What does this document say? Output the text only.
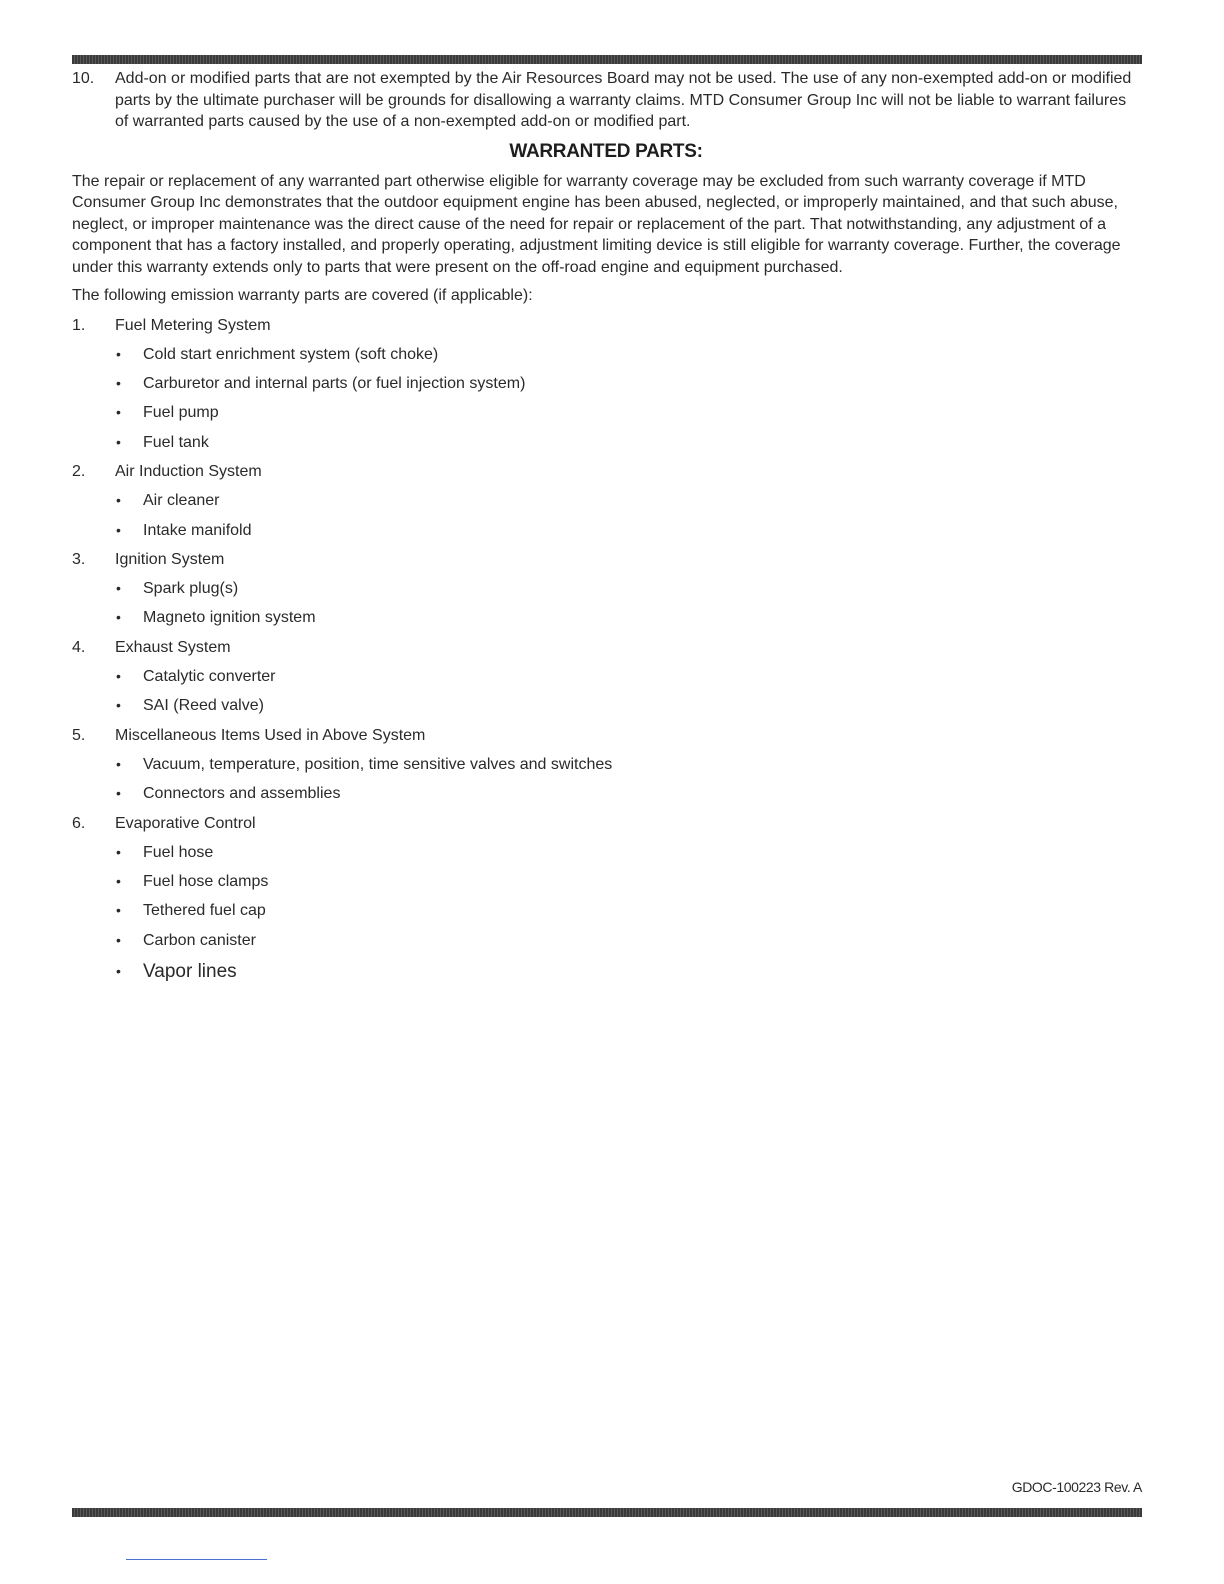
10.	Add-on or modified parts that are not exempted by the Air Resources Board may not be used. The use of any non-exempted add-on or modified parts by the ultimate purchaser will be grounds for disallowing a warranty claims. MTD Consumer Group Inc will not be liable to warrant failures of warranted parts caused by the use of a non-exempted add-on or modified part.
WARRANTED PARTS:

The repair or replacement of any warranted part otherwise eligible for warranty coverage may be excluded from such warranty coverage if MTD Consumer Group Inc demonstrates that the outdoor equipment engine has been abused, neglected, or improperly maintained, and that such abuse, neglect, or improper maintenance was the direct cause of the need for repair or replacement of the part. That notwithstanding, any adjustment of a component that has a factory installed, and properly operating, adjustment limiting device is still eligible for warranty coverage. Further, the coverage under this warranty extends only to parts that were present on the off-road engine and equipment purchased.

The following emission warranty parts are covered (if applicable):

1.	Fuel Metering System
•	Cold start enrichment system (soft choke)
•	Carburetor and internal parts (or fuel injection system)
•	Fuel pump
•	Fuel tank
2.	Air Induction System
•	Air cleaner
•	Intake manifold
3.	Ignition System
•	Spark plug(s)
•	Magneto ignition system
4.	Exhaust System
•	Catalytic converter
•	SAI (Reed valve)
5.	Miscellaneous Items Used in Above System
•	Vacuum, temperature, position, time sensitive valves and switches
•	Connectors and assemblies
6.	Evaporative Control
•	Fuel hose
•	Fuel hose clamps
•	Tethered fuel cap
•	Carbon canister
•	Vapor lines
GDOC-100223 Rev. A
